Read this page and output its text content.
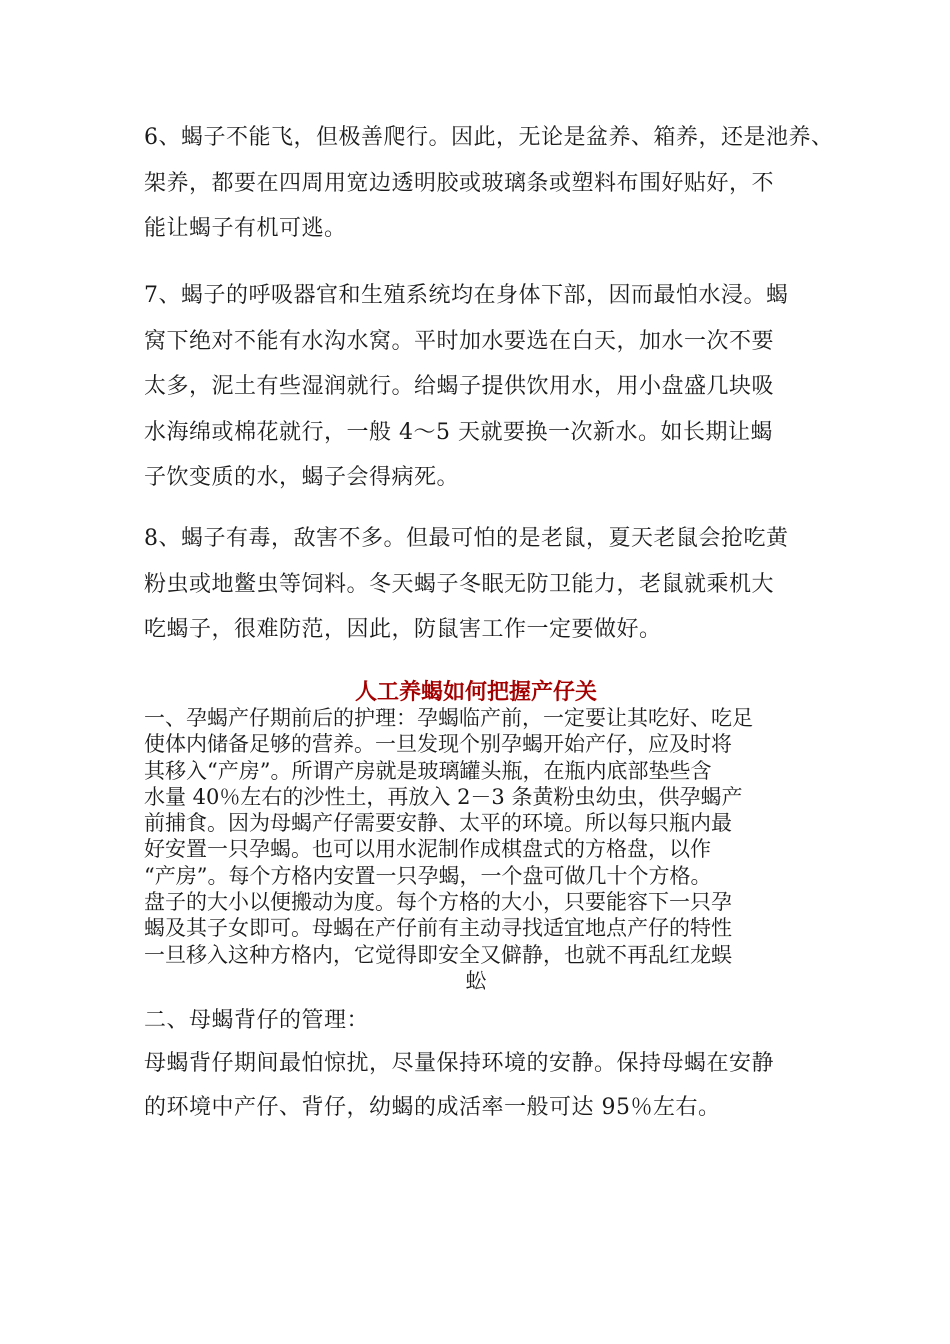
6、蝎子不能飞，但极善爬行。因此，无论是盆养、箱养，还是池养、
架养，都要在四周用宽边透明胶或玻璃条或塑料布围好贴好，不
能让蝎子有机可逃。
7、蝎子的呼吸器官和生殖系统均在身体下部，因而最怕水浸。蝎
窝下绝对不能有水沟水窝。平时加水要选在白天，加水一次不要
太多，泥土有些湿润就行。给蝎子提供饮用水，用小盘盛几块吸
水海绵或棉花就行，一般 4～5 天就要换一次新水。如长期让蝎
子饮变质的水，蝎子会得病死。
8、蝎子有毒，敌害不多。但最可怕的是老鼠，夏天老鼠会抢吃黄
粉虫或地鳖虫等饲料。冬天蝎子冬眠无防卫能力，老鼠就乘机大
吃蝎子，很难防范，因此，防鼠害工作一定要做好。
人工养蝎如何把握产仔关
一、孕蝎产仔期前后的护理：孕蝎临产前，一定要让其吃好、吃足
使体内储备足够的营养。一旦发现个别孕蝎开始产仔，应及时将
其移入“产房”。所谓产房就是玻璃罐头瓶，在瓶内底部垫些含
水量 40％左右的沙性土，再放入 2－3 条黄粉虫幼虫，供孕蝎产
前捕食。因为母蝎产仔需要安静、太平的环境。所以每只瓶内最
好安置一只孕蝎。也可以用水泥制作成棋盘式的方格盘，以作
“产房”。每个方格内安置一只孕蝎，一个盘可做几十个方格。
盘子的大小以便搬动为度。每个方格的大小，只要能容下一只孕
蝎及其子女即可。母蝎在产仔前有主动寻找适宜地点产仔的特性
一旦移入这种方格内，它觉得即安全又僻静，也就不再乱红龙蜈
蚣
二、母蝎背仔的管理：
母蝎背仔期间最怕惊扰，尽量保持环境的安静。保持母蝎在安静
的环境中产仔、背仔，幼蝎的成活率一般可达 95％左右。
